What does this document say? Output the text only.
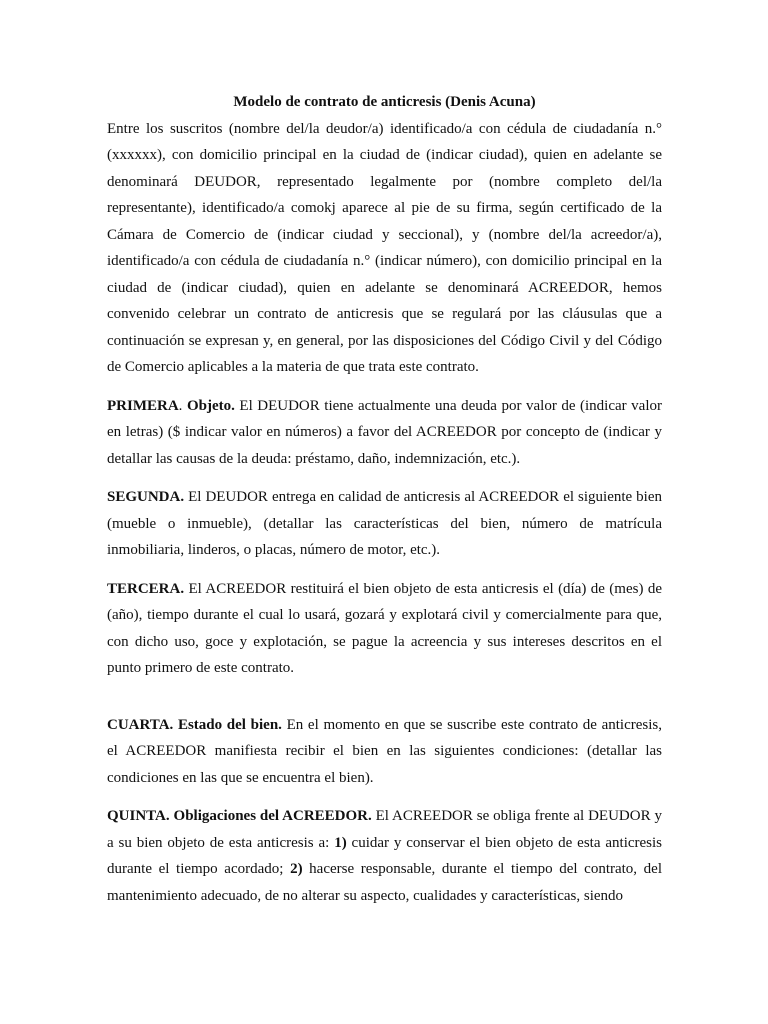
Modelo de contrato de anticresis (Denis Acuna)

Entre los suscritos (nombre del/la deudor/a) identificado/a con cédula de ciudadanía n.° (xxxxxx), con domicilio principal en la ciudad de (indicar ciudad), quien en adelante se denominará DEUDOR, representado legalmente por (nombre completo del/la representante), identificado/a comokj aparece al pie de su firma, según certificado de la Cámara de Comercio de (indicar ciudad y seccional), y (nombre del/la acreedor/a), identificado/a con cédula de ciudadanía n.° (indicar número), con domicilio principal en la ciudad de (indicar ciudad), quien en adelante se denominará ACREEDOR, hemos convenido celebrar un contrato de anticresis que se regulará por las cláusulas que a continuación se expresan y, en general, por las disposiciones del Código Civil y del Código de Comercio aplicables a la materia de que trata este contrato.

PRIMERA. Objeto. El DEUDOR tiene actualmente una deuda por valor de (indicar valor en letras) ($ indicar valor en números) a favor del ACREEDOR por concepto de (indicar y detallar las causas de la deuda: préstamo, daño, indemnización, etc.).

SEGUNDA. El DEUDOR entrega en calidad de anticresis al ACREEDOR el siguiente bien (mueble o inmueble), (detallar las características del bien, número de matrícula inmobiliaria, linderos, o placas, número de motor, etc.).

TERCERA. El ACREEDOR restituirá el bien objeto de esta anticresis el (día) de (mes) de (año), tiempo durante el cual lo usará, gozará y explotará civil y comercialmente para que, con dicho uso, goce y explotación, se pague la acreencia y sus intereses descritos en el punto primero de este contrato.

CUARTA. Estado del bien. En el momento en que se suscribe este contrato de anticresis, el ACREEDOR manifiesta recibir el bien en las siguientes condiciones: (detallar las condiciones en las que se encuentra el bien).

QUINTA. Obligaciones del ACREEDOR. El ACREEDOR se obliga frente al DEUDOR y a su bien objeto de esta anticresis a: 1) cuidar y conservar el bien objeto de esta anticresis durante el tiempo acordado; 2) hacerse responsable, durante el tiempo del contrato, del mantenimiento adecuado, de no alterar su aspecto, cualidades y características, siendo
